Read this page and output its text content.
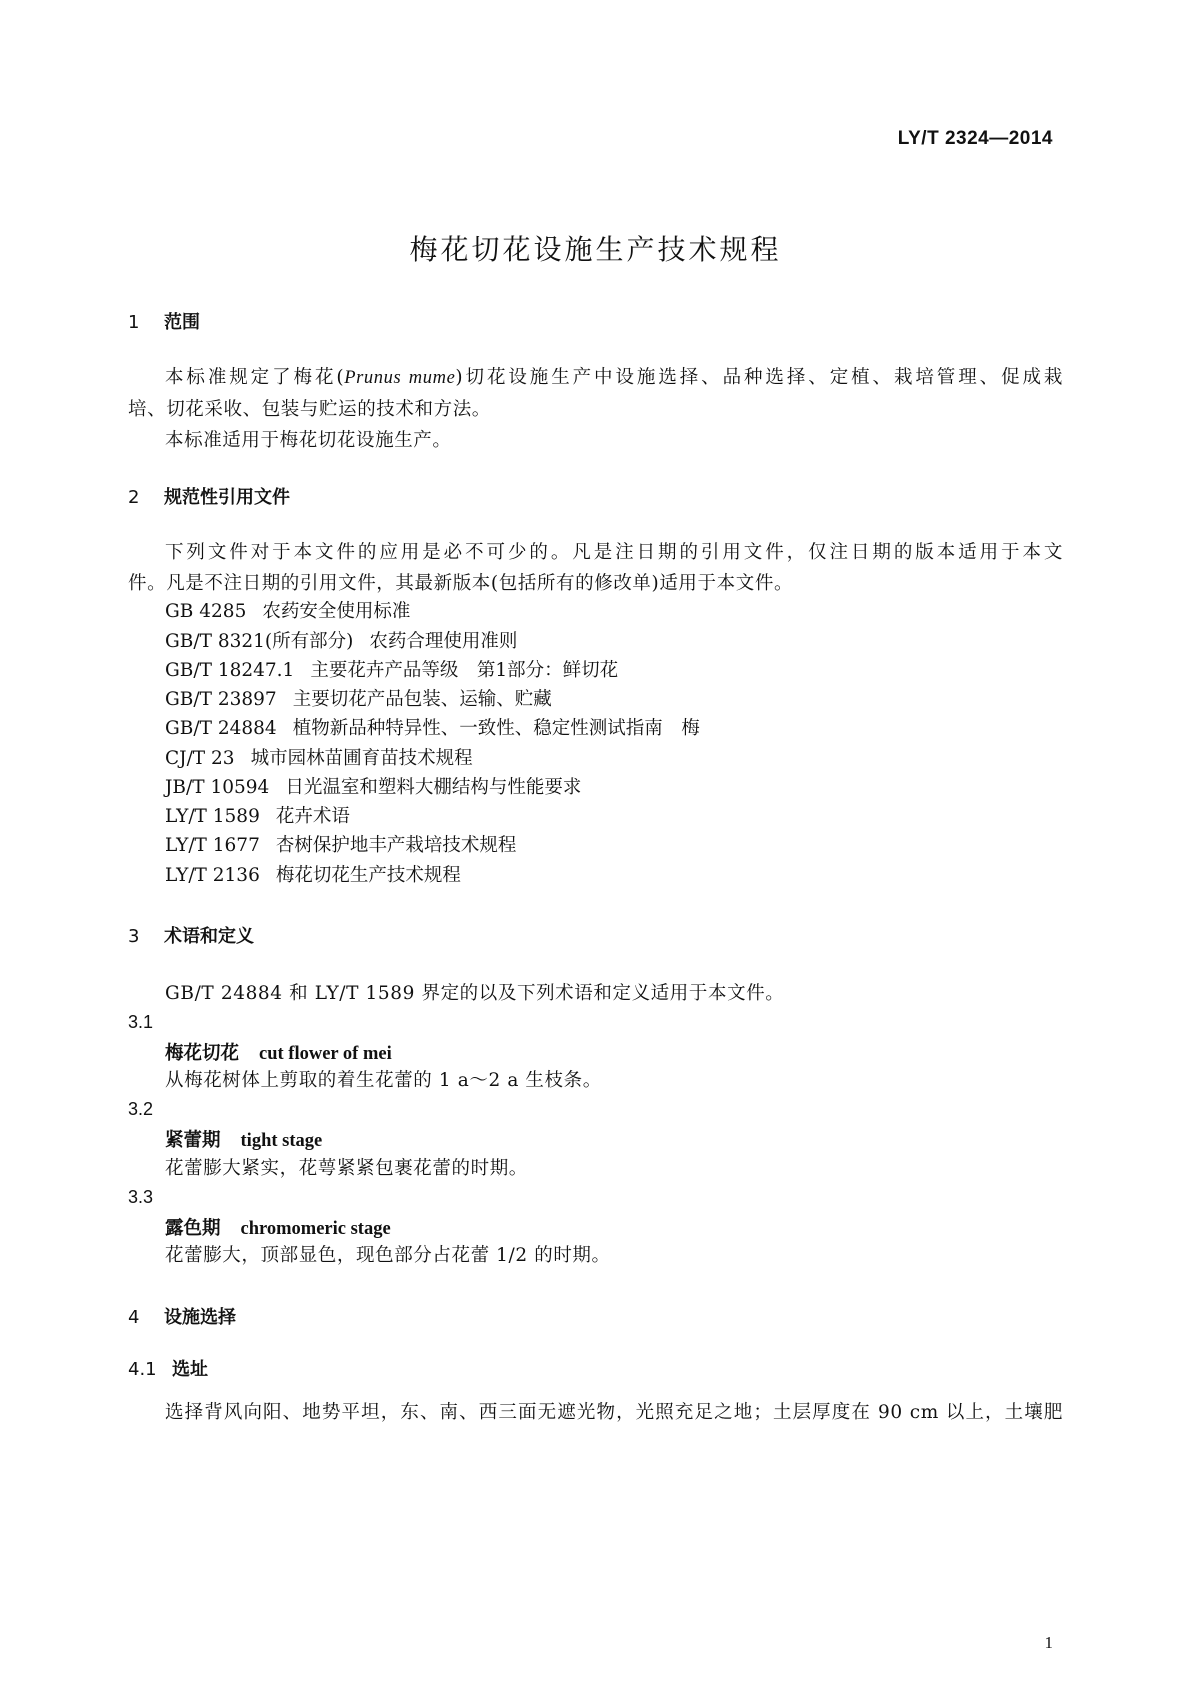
LY/T 2324—2014
梅花切花设施生产技术规程
1 范围
本标准规定了梅花(Prunus mume)切花设施生产中设施选择、品种选择、定植、栽培管理、促成栽
培、切花采收、包装与贮运的技术和方法。
本标准适用于梅花切花设施生产。
2 规范性引用文件
下列文件对于本文件的应用是必不可少的。凡是注日期的引用文件，仅注日期的版本适用于本文
件。凡是不注日期的引用文件，其最新版本(包括所有的修改单)适用于本文件。
GB 4285 农药安全使用标准
GB/T 8321(所有部分) 农药合理使用准则
GB/T 18247.1 主要花卉产品等级　第1部分：鲜切花
GB/T 23897 主要切花产品包装、运输、贮藏
GB/T 24884 植物新品种特异性、一致性、稳定性测试指南　梅
CJ/T 23 城市园林苗圃育苗技术规程
JB/T 10594 日光温室和塑料大棚结构与性能要求
LY/T 1589 花卉术语
LY/T 1677 杏树保护地丰产栽培技术规程
LY/T 2136 梅花切花生产技术规程
3 术语和定义
GB/T 24884 和 LY/T 1589 界定的以及下列术语和定义适用于本文件。
3.1
梅花切花 cut flower of mei
从梅花树体上剪取的着生花蕾的 1 a～2 a 生枝条。
3.2
紧蕾期 tight stage
花蕾膨大紧实，花萼紧紧包裹花蕾的时期。
3.3
露色期 chromomeric stage
花蕾膨大，顶部显色，现色部分占花蕾 1/2 的时期。
4 设施选择
4.1 选址
选择背风向阳、地势平坦，东、南、西三面无遮光物，光照充足之地；土层厚度在 90 cm 以上，土壤肥
1
